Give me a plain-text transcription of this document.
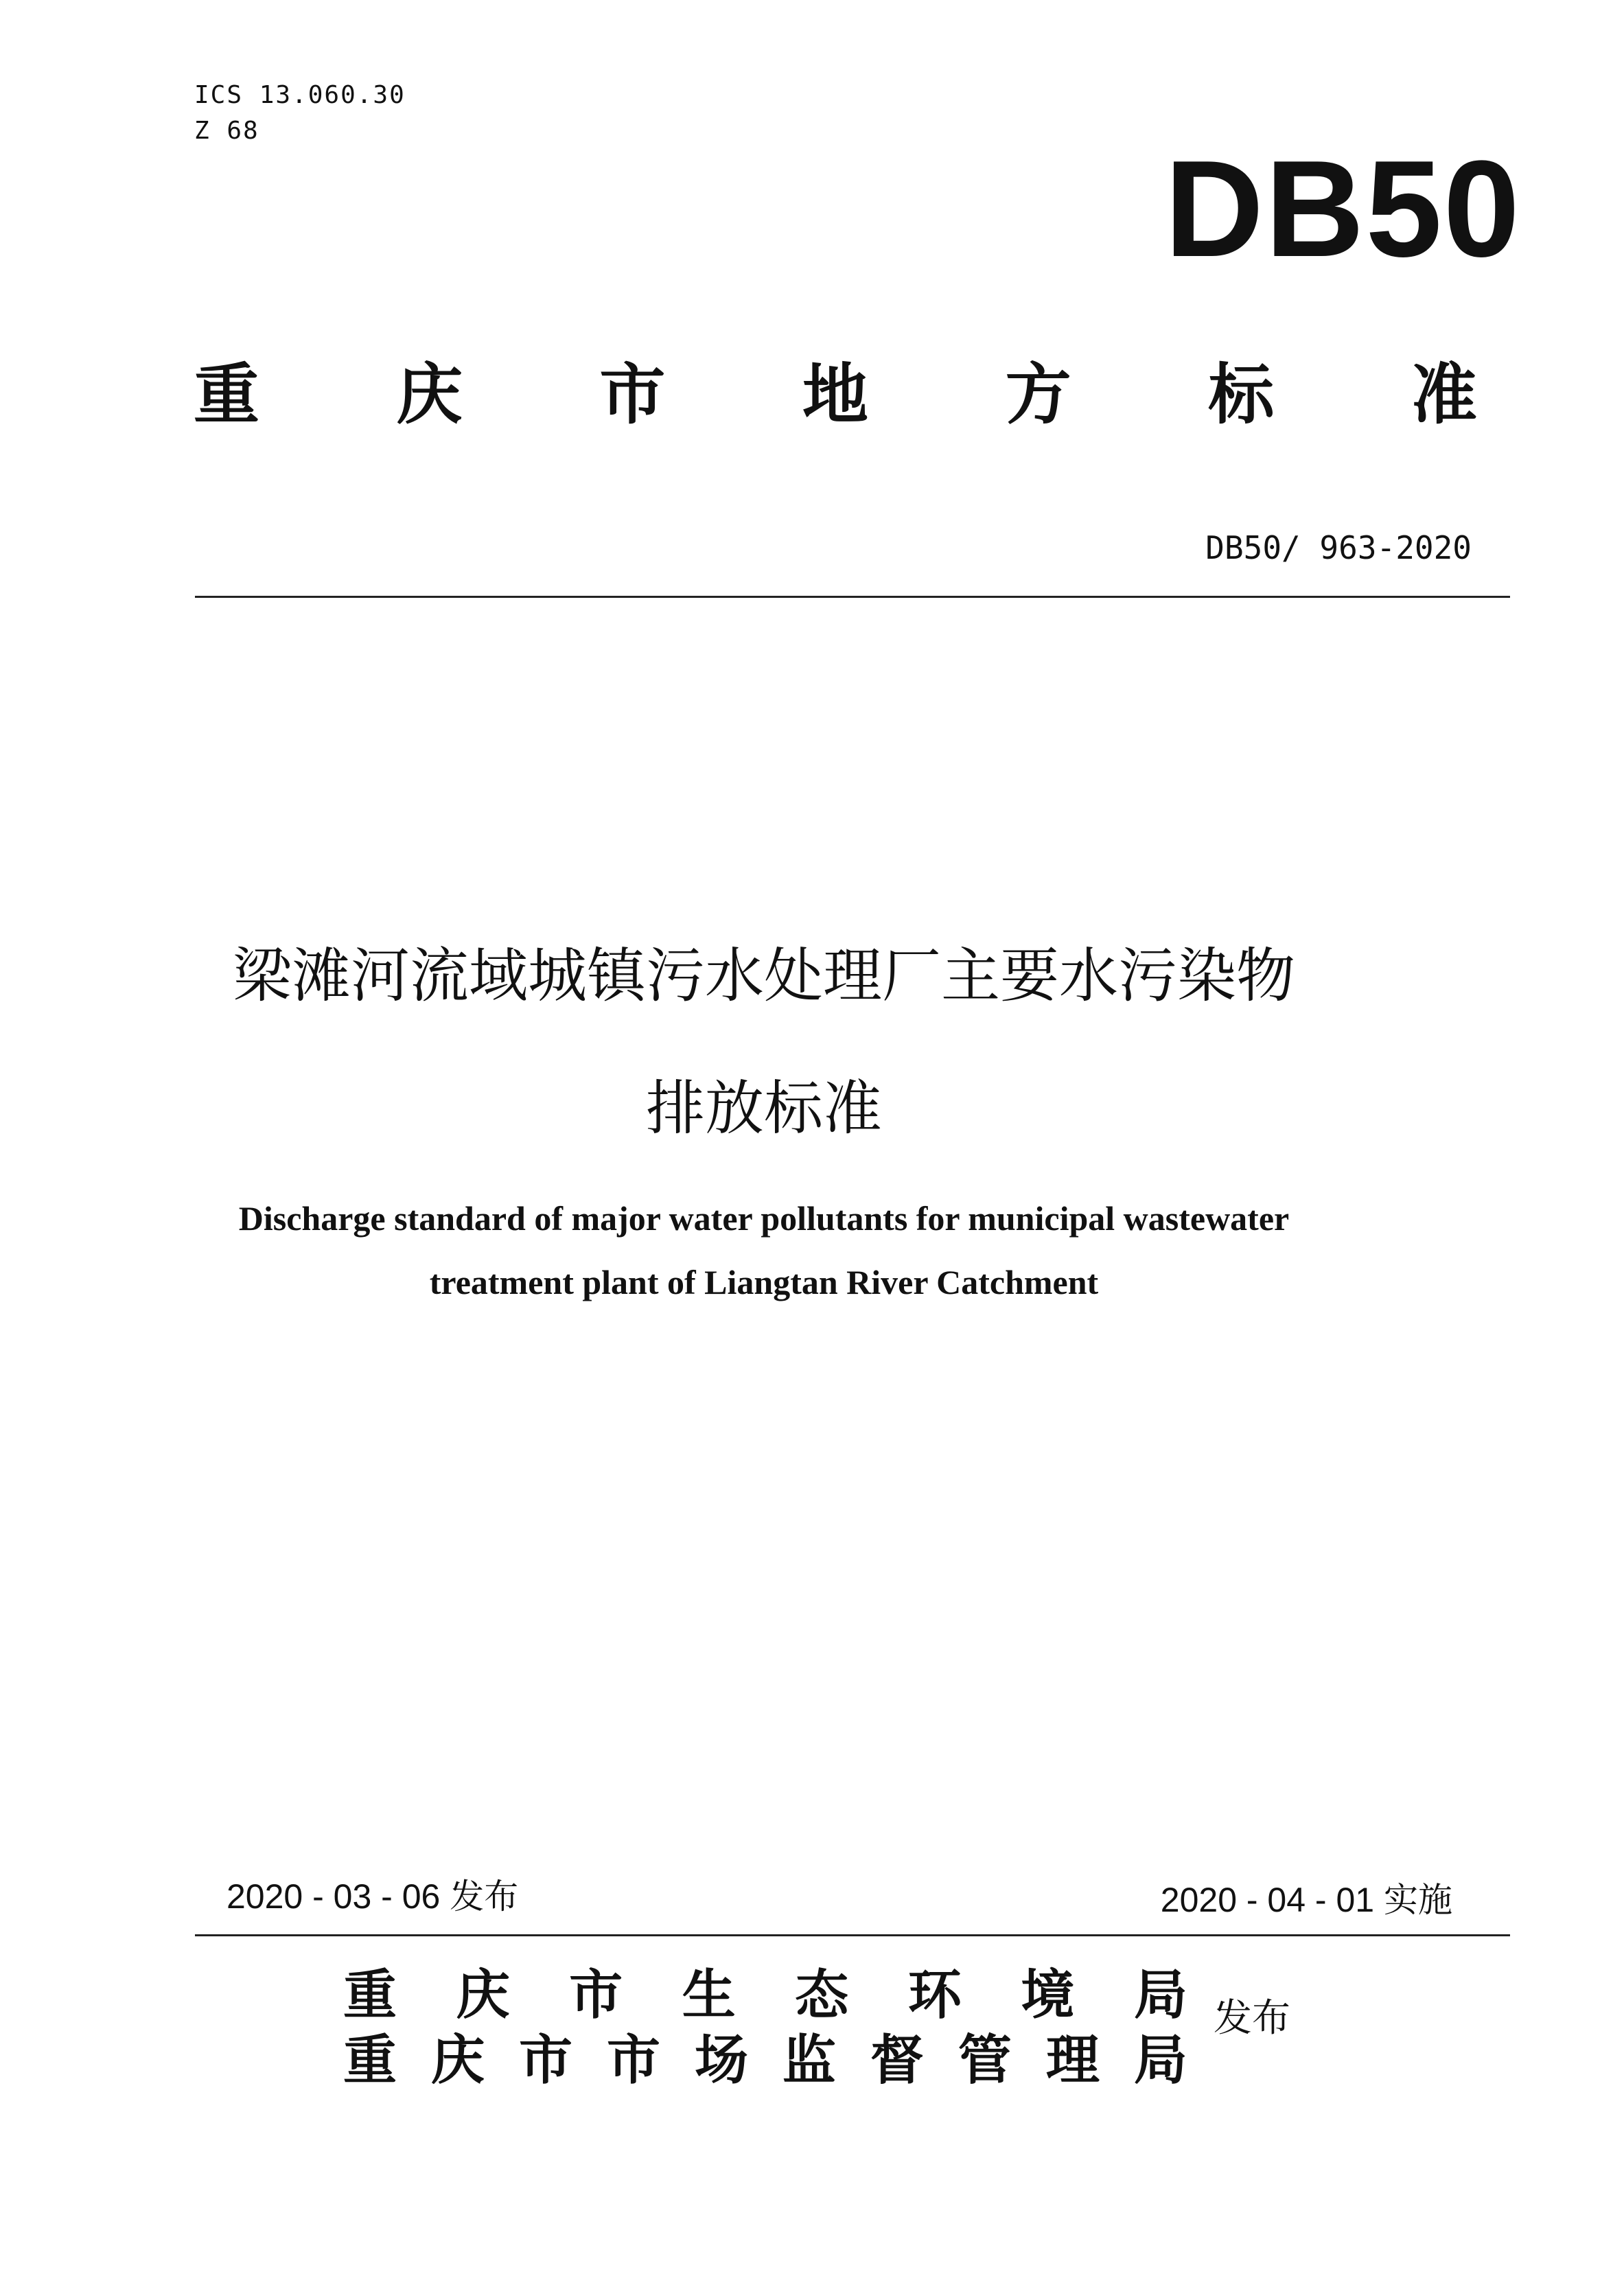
ICS 13.060.30
Z 68
DB50
重 庆 市 地 方 标 准
DB50/ 963-2020
梁滩河流域城镇污水处理厂主要水污染物
排放标准
Discharge standard of major water pollutants for municipal wastewater
treatment plant of Liangtan River Catchment
2020 - 03 - 06 发布	2020 - 04 - 01 实施
重 庆 市 生 态 环 境 局
重 庆 市 市 场 监 督 管 理 局
发布
